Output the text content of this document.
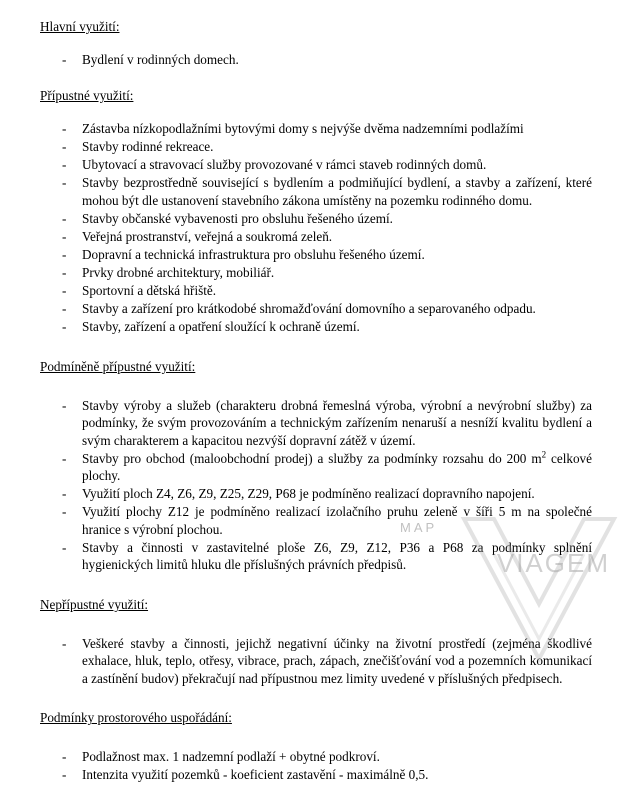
Hlavní využití:
- Bydlení v rodinných domech.
Přípustné využití:
- Zástavba nízkopodlažními bytovými domy s nejvýše dvěma nadzemními podlažími
- Stavby rodinné rekreace.
- Ubytovací a stravovací služby provozované v rámci staveb rodinných domů.
- Stavby bezprostředně související s bydlením a podmiňující bydlení, a stavby a zařízení, které mohou být dle ustanovení stavebního zákona umístěny na pozemku rodinného domu.
- Stavby občanské vybavenosti pro obsluhu řešeného území.
- Veřejná prostranství, veřejná a soukromá zeleň.
- Dopravní a technická infrastruktura pro obsluhu řešeného území.
- Prvky drobné architektury, mobiliář.
- Sportovní a dětská hřiště.
- Stavby a zařízení pro krátkodobé shromažďování domovního a separovaného odpadu.
- Stavby, zařízení a opatření sloužící k ochraně území.
Podmíněně přípustné využití:
- Stavby výroby a služeb (charakteru drobná řemeslná výroba, výrobní a nevýrobní služby) za podmínky, že svým provozováním a technickým zařízením nenaruší a nesníží kvalitu bydlení a svým charakterem a kapacitou nezvýší dopravní zátěž v území.
- Stavby pro obchod (maloobchodní prodej) a služby za podmínky rozsahu do 200 $m^2$ celkové plochy.
- Využití ploch Z4, Z6, Z9, Z25, Z29, P68 je podmíněno realizací dopravního napojení.
- Využití plochy Z12 je podmíněno realizací izolačního pruhu zeleně v šíři 5 m na společné hranice s výrobní plochou.
- Stavby a činnosti v zastavitelné ploše Z6, Z9, Z12, P36 a P68 za podmínky splnění hygienických limitů hluku dle příslušných právních předpisů.
Nepřípustné využití:
- Veškeré stavby a činnosti, jejichž negativní účinky na životní prostředí (zejména škodlivé exhalace, hluk, teplo, otřesy, vibrace, prach, zápach, znečišťování vod a pozemních komunikací a zastínění budov) překračují nad přípustnou mez limity uvedené v příslušných předpisech.
Podmínky prostorového uspořádání:
- Podlažnost max. 1 nadzemní podlaží + obytné podkroví.
- Intenzita využití pozemků - koeficient zastavění - maximálně 0,5.
VIAGEM
MAP
